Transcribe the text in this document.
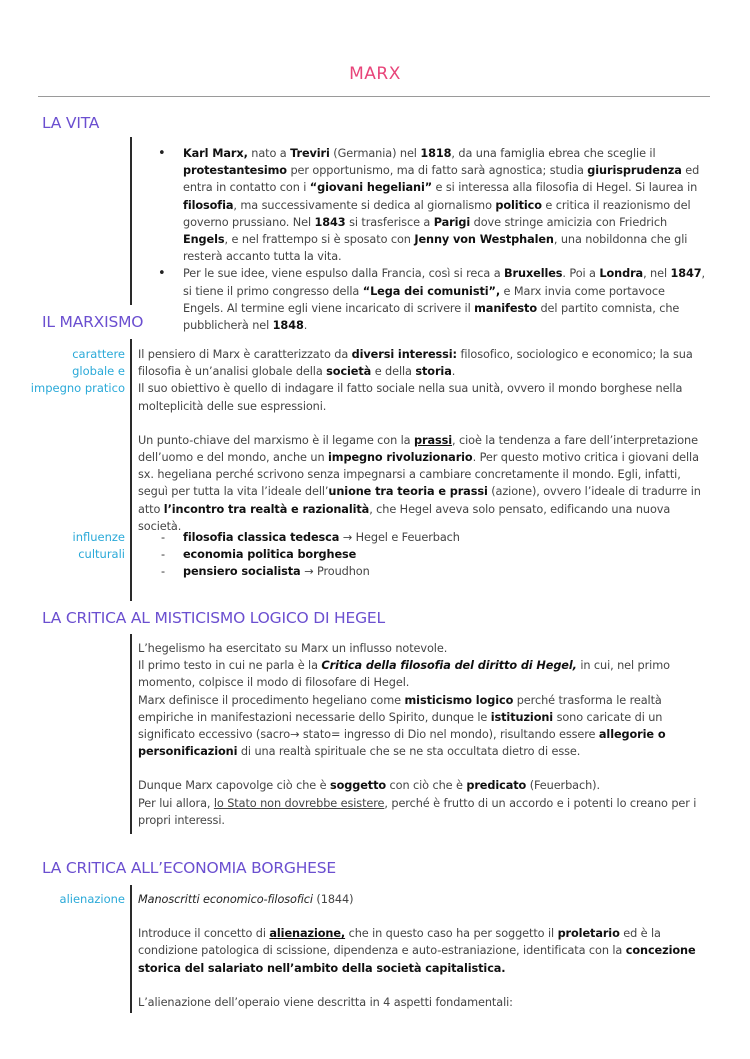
MARX
LA VITA
• Karl Marx, nato a Treviri (Germania) nel 1818, da una famiglia ebrea che sceglie il protestantesimo per opportunismo, ma di fatto sarà agnostica; studia giurisprudenza ed entra in contatto con i “giovani hegeliani” e si interessa alla filosofia di Hegel. Si laurea in filosofia, ma successivamente si dedica al giornalismo politico e critica il reazionismo del governo prussiano. Nel 1843 si trasferisce a Parigi dove stringe amicizia con Friedrich Engels, e nel frattempo si è sposato con Jenny von Westphalen, una nobildonna che gli resterà accanto tutta la vita.
• Per le sue idee, viene espulso dalla Francia, così si reca a Bruxelles. Poi a Londra, nel 1847, si tiene il primo congresso della “Lega dei comunisti”, e Marx invia come portavoce Engels. Al termine egli viene incaricato di scrivere il manifesto del partito comnista, che pubblicherà nel 1848.
IL MARXISMO
carattere
globale e
impegno pratico

Il pensiero di Marx è caratterizzato da diversi interessi: filosofico, sociologico e economico; la sua filosofia è un’analisi globale della società e della storia.

Il suo obiettivo è quello di indagare il fatto sociale nella sua unità, ovvero il mondo borghese nella molteplicità delle sue espressioni.

Un punto-chiave del marxismo è il legame con la prassi, cioè la tendenza a fare dell’interpretazione dell’uomo e del mondo, anche un impegno rivoluzionario. Per questo motivo critica i giovani della sx. hegeliana perché scrivono senza impegnarsi a cambiare concretamente il mondo. Egli, infatti, seguì per tutta la vita l’ideale dell’unione tra teoria e prassi (azione), ovvero l’ideale di tradurre in atto l’incontro tra realtà e razionalità, che Hegel aveva solo pensato, edificando una nuova società.

influenze
culturali
- filosofia classica tedesca → Hegel e Feuerbach
- economia politica borghese
- pensiero socialista → Proudhon
LA CRITICA AL MISTICISMO LOGICO DI HEGEL

L’hegelismo ha esercitato su Marx un influsso notevole.

Il primo testo in cui ne parla è la Critica della filosofia del diritto di Hegel, in cui, nel primo momento, colpisce il modo di filosofare di Hegel.

Marx definisce il procedimento hegeliano come misticismo logico perché trasforma le realtà empiriche in manifestazioni necessarie dello Spirito, dunque le istituzioni sono caricate di un significato eccessivo (sacro→ stato= ingresso di Dio nel mondo), risultando essere allegorie o personificazioni di una realtà spirituale che se ne sta occultata dietro di esse.

Dunque Marx capovolge ciò che è soggetto con ciò che è predicato (Feuerbach).

Per lui allora, lo Stato non dovrebbe esistere, perché è frutto di un accordo e i potenti lo creano per i propri interessi.

LA CRITICA ALL’ECONOMIA BORGHESE
alienazione Manoscritti economico-filosofici (1844)

Introduce il concetto di alienazione, che in questo caso ha per soggetto il proletario ed è la condizione patologica di scissione, dipendenza e auto-estraniazione, identificata con la concezione storica del salariato nell’ambito della società capitalistica.

L’alienazione dell’operaio viene descritta in 4 aspetti fondamentali:
